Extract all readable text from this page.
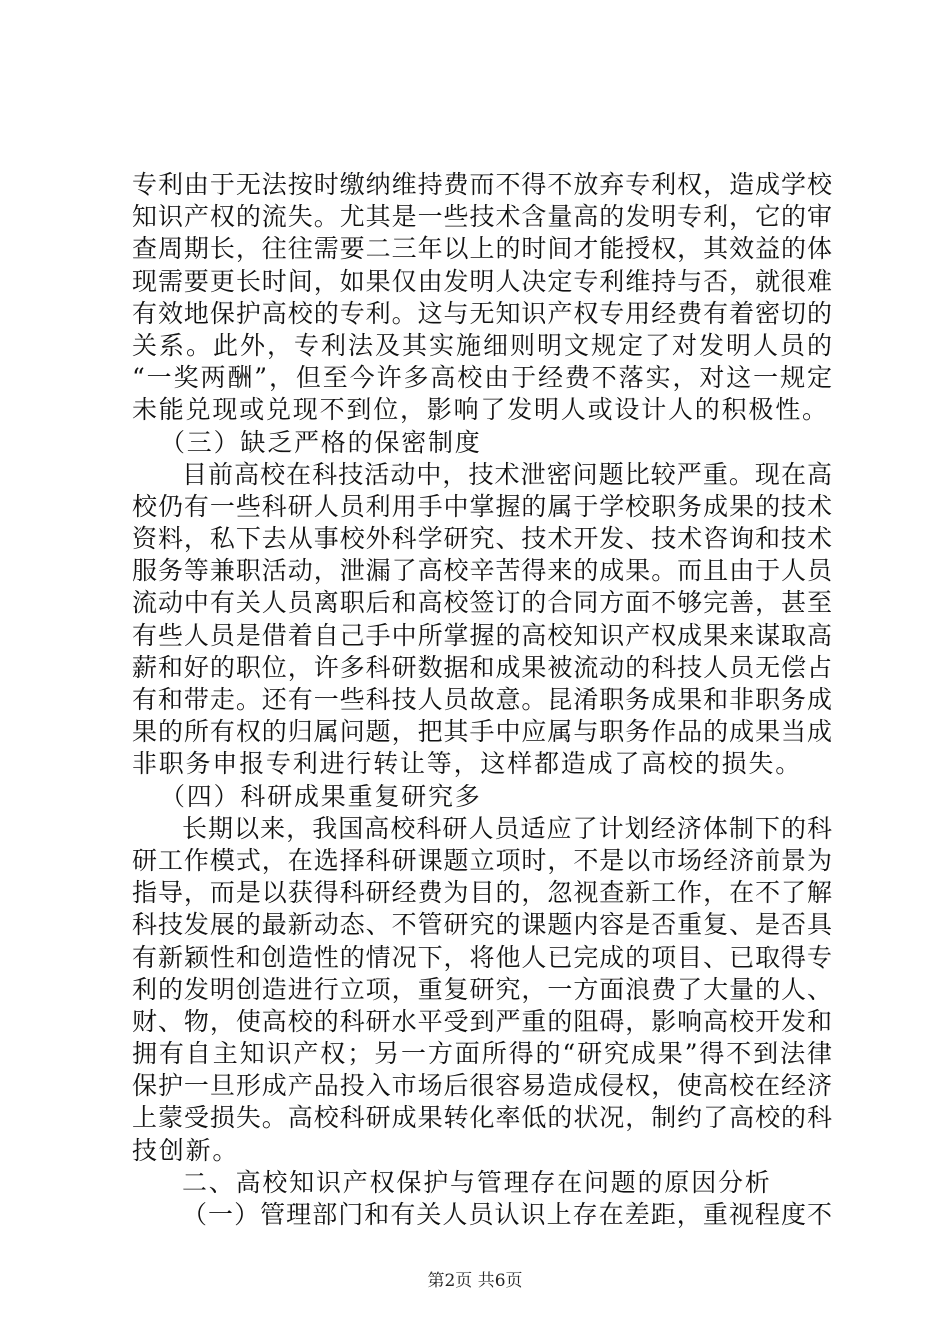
专利由于无法按时缴纳维持费而不得不放弃专利权，造成学校
知识产权的流失。尤其是一些技术含量高的发明专利，它的审
查周期长，往往需要二三年以上的时间才能授权，其效益的体
现需要更长时间，如果仅由发明人决定专利维持与否，就很难
有效地保护高校的专利。这与无知识产权专用经费有着密切的
关系。此外，专利法及其实施细则明文规定了对发明人员的
“一奖两酬”，但至今许多高校由于经费不落实，对这一规定
未能兑现或兑现不到位，影响了发明人或设计人的积极性。
（三）缺乏严格的保密制度
目前高校在科技活动中，技术泄密问题比较严重。现在高
校仍有一些科研人员利用手中掌握的属于学校职务成果的技术
资料，私下去从事校外科学研究、技术开发、技术咨询和技术
服务等兼职活动，泄漏了高校辛苦得来的成果。而且由于人员
流动中有关人员离职后和高校签订的合同方面不够完善，甚至
有些人员是借着自己手中所掌握的高校知识产权成果来谋取高
薪和好的职位，许多科研数据和成果被流动的科技人员无偿占
有和带走。还有一些科技人员故意。昆淆职务成果和非职务成
果的所有权的归属问题，把其手中应属与职务作品的成果当成
非职务申报专利进行转让等，这样都造成了高校的损失。
（四）科研成果重复研究多
长期以来，我国高校科研人员适应了计划经济体制下的科
研工作模式，在选择科研课题立项时，不是以市场经济前景为
指导，而是以获得科研经费为目的，忽视查新工作，在不了解
科技发展的最新动态、不管研究的课题内容是否重复、是否具
有新颖性和创造性的情况下，将他人已完成的项目、已取得专
利的发明创造进行立项，重复研究，一方面浪费了大量的人、
财、物，使高校的科研水平受到严重的阻碍，影响高校开发和
拥有自主知识产权；另一方面所得的“研究成果”得不到法律
保护一旦形成产品投入市场后很容易造成侵权，使高校在经济
上蒙受损失。高校科研成果转化率低的状况，制约了高校的科
技创新。
二、高校知识产权保护与管理存在问题的原因分析
（一）管理部门和有关人员认识上存在差距，重视程度不
第2页 共6页
